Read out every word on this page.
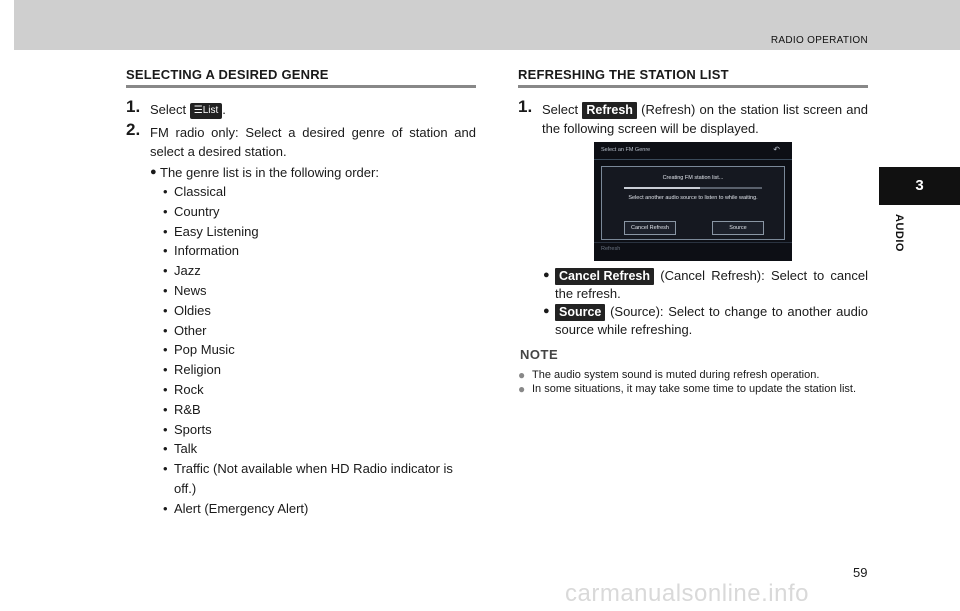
RADIO OPERATION
SELECTING A DESIRED GENRE
1. Select ☰List .
2. FM radio only: Select a desired genre of station and select a desired station.
● The genre list is in the following order:
• Classical
• Country
• Easy Listening
• Information
• Jazz
• News
• Oldies
• Other
• Pop Music
• Religion
• Rock
• R&B
• Sports
• Talk
• Traffic (Not available when HD Radio indicator is off.)
• Alert (Emergency Alert)
REFRESHING THE STATION LIST
1. Select Refresh (Refresh) on the station list screen and the following screen will be displayed.
Select an FM Genre	↶
Creating FM station list...
Select another audio source to listen to while waiting.
Cancel Refresh	Source
Refresh
● Cancel Refresh (Cancel Refresh): Select to cancel the refresh.
● Source (Source): Select to change to another audio source while refreshing.
NOTE
● The audio system sound is muted during refresh operation.
● In some situations, it may take some time to update the station list.
3
AUDIO
59
carmanualsonline.info
